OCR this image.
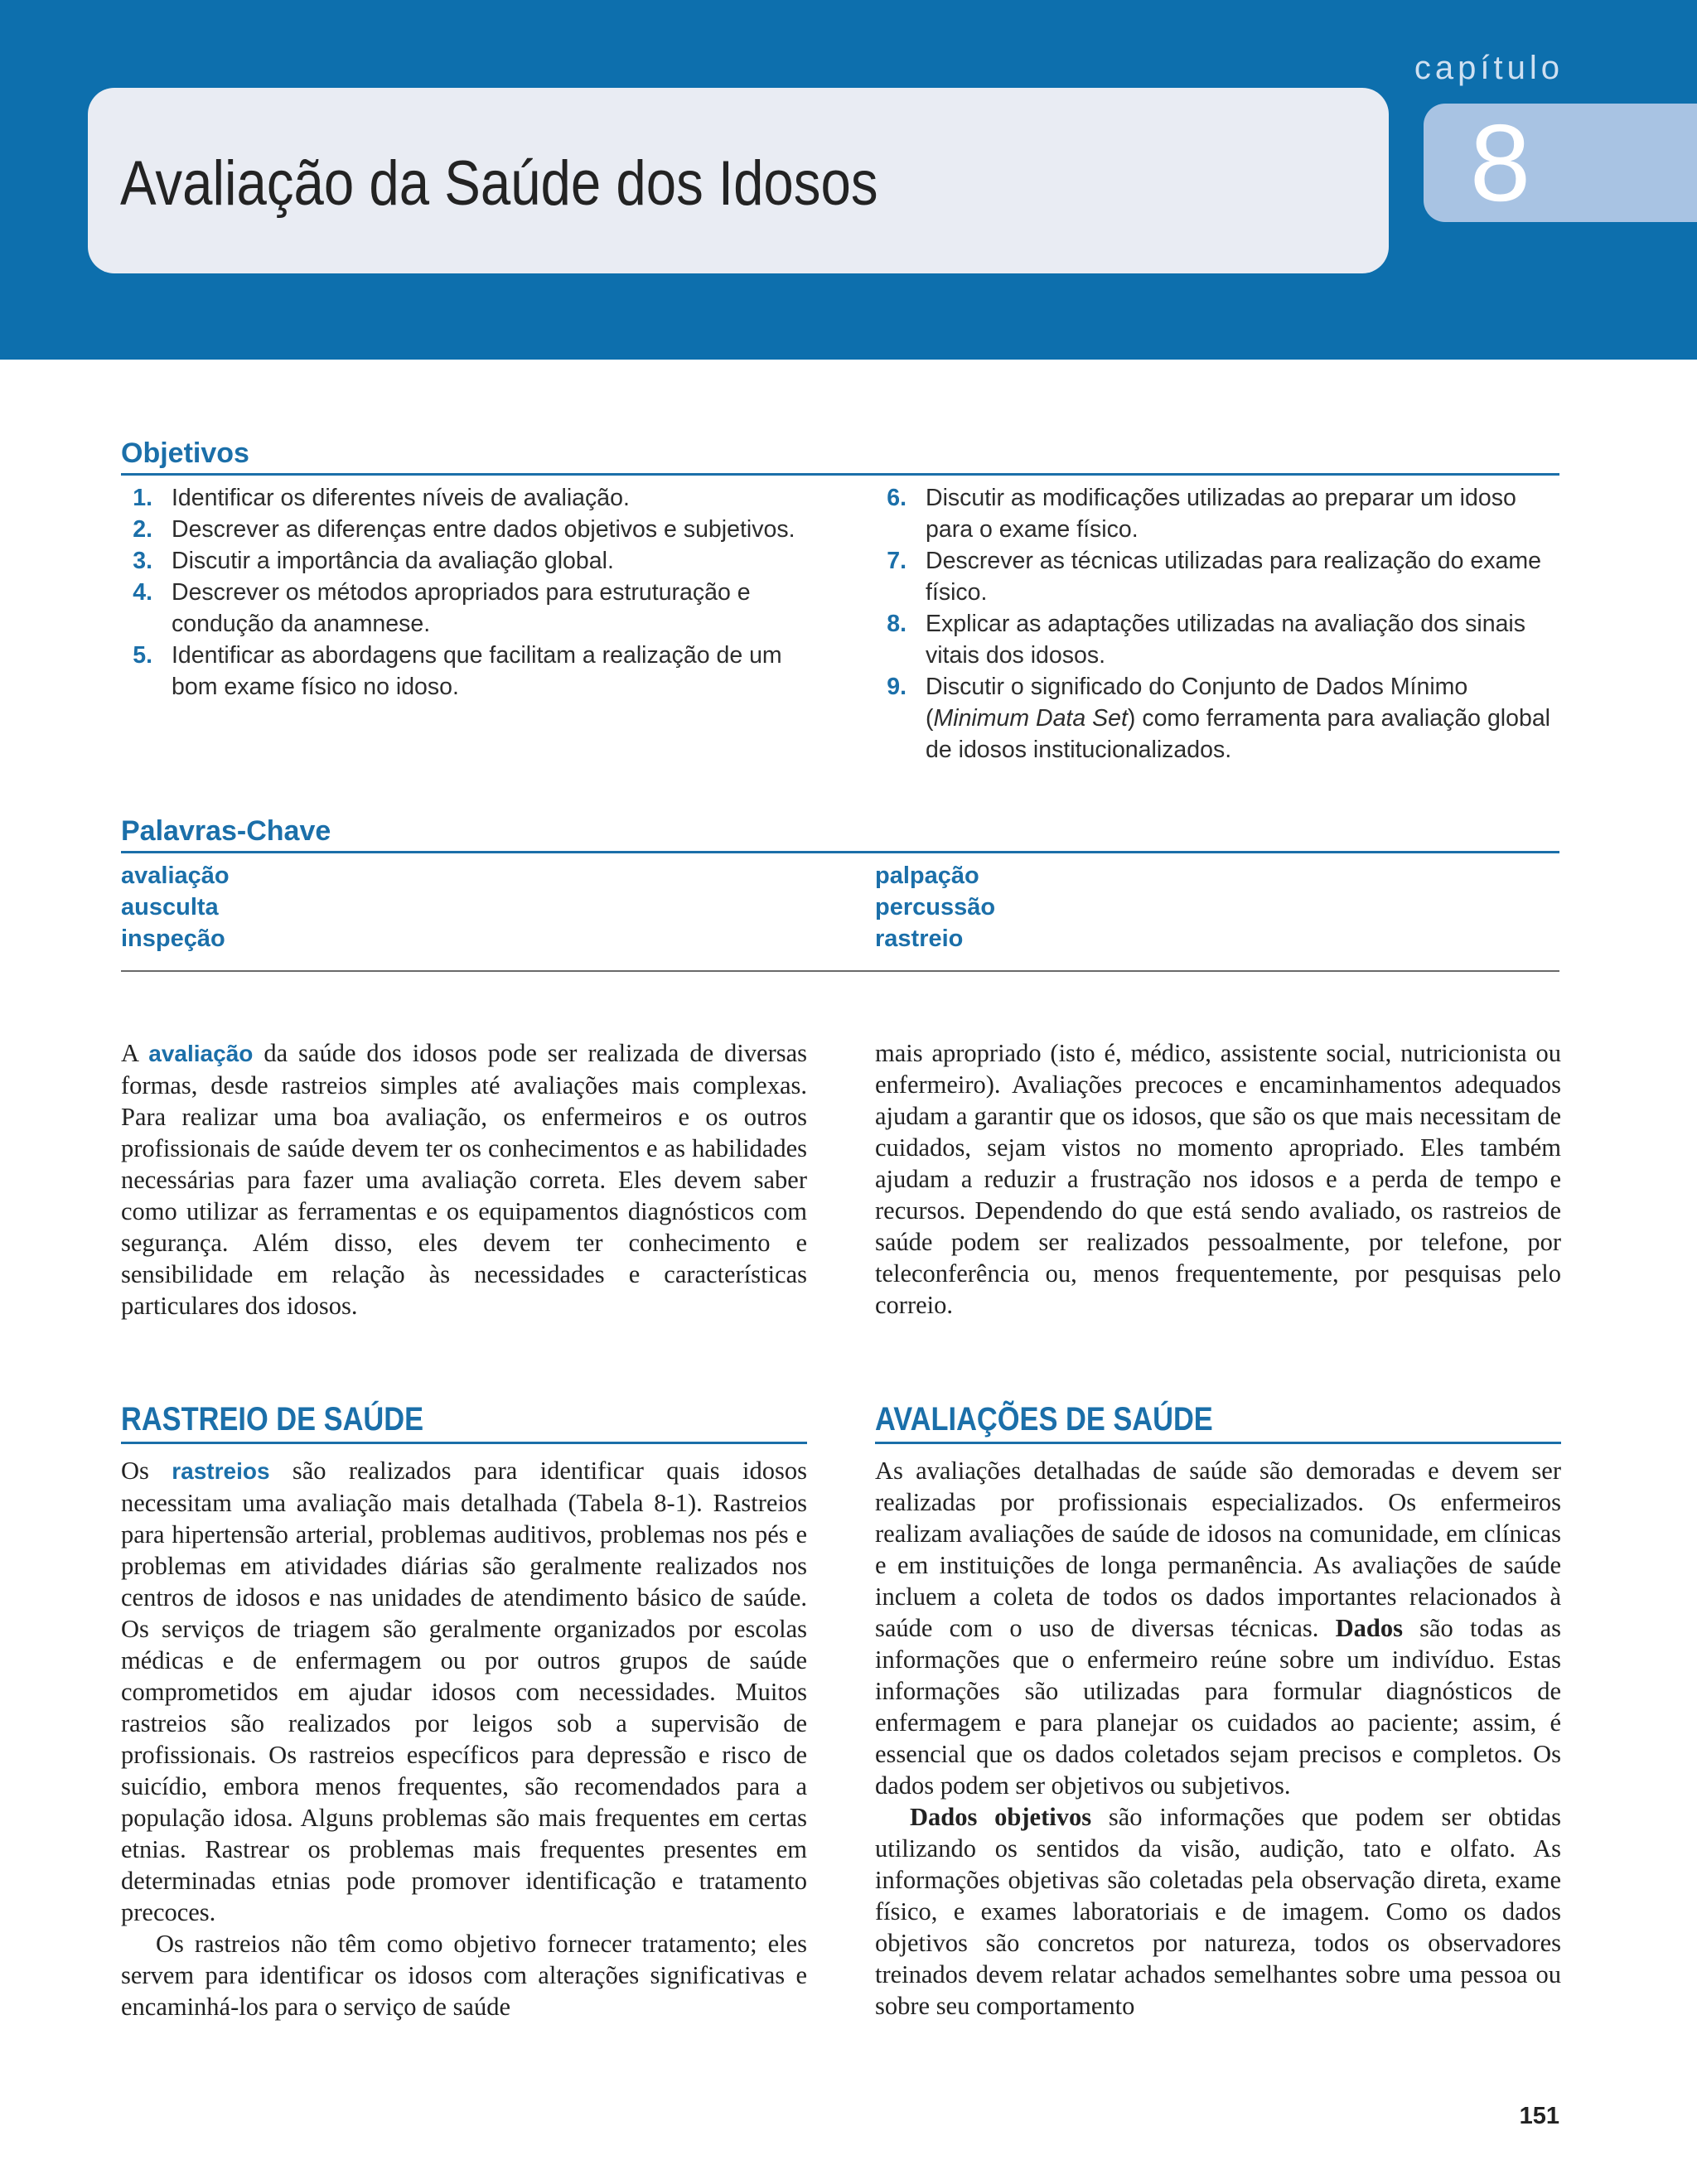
Avaliação da Saúde dos Idosos
capítulo
8
Objetivos
1. Identificar os diferentes níveis de avaliação.
2. Descrever as diferenças entre dados objetivos e subjetivos.
3. Discutir a importância da avaliação global.
4. Descrever os métodos apropriados para estruturação e condução da anamnese.
5. Identificar as abordagens que facilitam a realização de um bom exame físico no idoso.
6. Discutir as modificações utilizadas ao preparar um idoso para o exame físico.
7. Descrever as técnicas utilizadas para realização do exame físico.
8. Explicar as adaptações utilizadas na avaliação dos sinais vitais dos idosos.
9. Discutir o significado do Conjunto de Dados Mínimo (Minimum Data Set) como ferramenta para avaliação global de idosos institucionalizados.
Palavras-Chave
avaliação
ausculta
inspeção
palpação
percussão
rastreio

A avaliação da saúde dos idosos pode ser realizada de diversas formas, desde rastreios simples até avaliações mais complexas. Para realizar uma boa avaliação, os enfermeiros e os outros profissionais de saúde devem ter os conhecimentos e as habilidades necessárias para fazer uma avaliação correta. Eles devem saber como utilizar as ferramentas e os equipamentos diagnósticos com segurança. Além disso, eles devem ter conhecimento e sensibilidade em relação às necessidades e características particulares dos idosos.

mais apropriado (isto é, médico, assistente social, nutricionista ou enfermeiro). Avaliações precoces e encaminhamentos adequados ajudam a garantir que os idosos, que são os que mais necessitam de cuidados, sejam vistos no momento apropriado. Eles também ajudam a reduzir a frustração nos idosos e a perda de tempo e recursos. Dependendo do que está sendo avaliado, os rastreios de saúde podem ser realizados pessoalmente, por telefone, por teleconferência ou, menos frequentemente, por pesquisas pelo correio.

RASTREIO DE SAÚDE

Os rastreios são realizados para identificar quais idosos necessitam uma avaliação mais detalhada (Tabela 8-1). Rastreios para hipertensão arterial, problemas auditivos, problemas nos pés e problemas em atividades diárias são geralmente realizados nos centros de idosos e nas unidades de atendimento básico de saúde. Os serviços de triagem são geralmente organizados por escolas médicas e de enfermagem ou por outros grupos de saúde comprometidos em ajudar idosos com necessidades. Muitos rastreios são realizados por leigos sob a supervisão de profissionais. Os rastreios específicos para depressão e risco de suicídio, embora menos frequentes, são recomendados para a população idosa. Alguns problemas são mais frequentes em certas etnias. Rastrear os problemas mais frequentes presentes em determinadas etnias pode promover identificação e tratamento precoces.

Os rastreios não têm como objetivo fornecer tratamento; eles servem para identificar os idosos com alterações significativas e encaminhá-los para o serviço de saúde

AVALIAÇÕES DE SAÚDE

As avaliações detalhadas de saúde são demoradas e devem ser realizadas por profissionais especializados. Os enfermeiros realizam avaliações de saúde de idosos na comunidade, em clínicas e em instituições de longa permanência. As avaliações de saúde incluem a coleta de todos os dados importantes relacionados à saúde com o uso de diversas técnicas. Dados são todas as informações que o enfermeiro reúne sobre um indivíduo. Estas informações são utilizadas para formular diagnósticos de enfermagem e para planejar os cuidados ao paciente; assim, é essencial que os dados coletados sejam precisos e completos. Os dados podem ser objetivos ou subjetivos.

Dados objetivos são informações que podem ser obtidas utilizando os sentidos da visão, audição, tato e olfato. As informações objetivas são coletadas pela observação direta, exame físico, e exames laboratoriais e de imagem. Como os dados objetivos são concretos por natureza, todos os observadores treinados devem relatar achados semelhantes sobre uma pessoa ou sobre seu comportamento

151
